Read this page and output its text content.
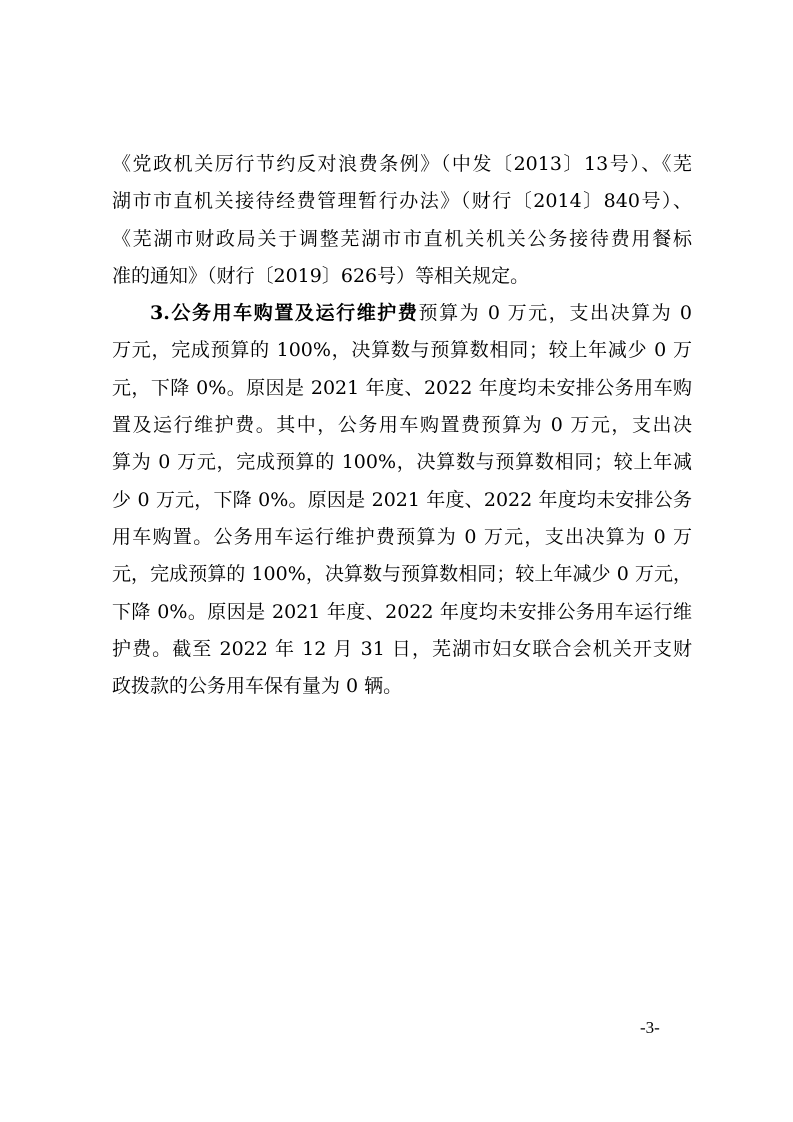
《党政机关厉行节约反对浪费条例》（中发〔2013〕13号）、《芜
湖市市直机关接待经费管理暂行办法》（财行〔2014〕840号）、
《芜湖市财政局关于调整芜湖市市直机关机关公务接待费用餐标
准的通知》（财行〔2019〕626号）等相关规定。
3.公务用车购置及运行维护费预算为 0 万元，支出决算为 0
万元，完成预算的 100%，决算数与预算数相同；较上年减少 0 万
元，下降 0%。原因是 2021 年度、2022 年度均未安排公务用车购
置及运行维护费。其中，公务用车购置费预算为 0 万元，支出决
算为 0 万元，完成预算的 100%，决算数与预算数相同；较上年减
少 0 万元，下降 0%。原因是 2021 年度、2022 年度均未安排公务
用车购置。公务用车运行维护费预算为 0 万元，支出决算为 0 万
元，完成预算的 100%，决算数与预算数相同；较上年减少 0 万元，
下降 0%。原因是 2021 年度、2022 年度均未安排公务用车运行维
护费。截至 2022 年 12 月 31 日，芜湖市妇女联合会机关开支财
政拨款的公务用车保有量为 0 辆。
-3-
